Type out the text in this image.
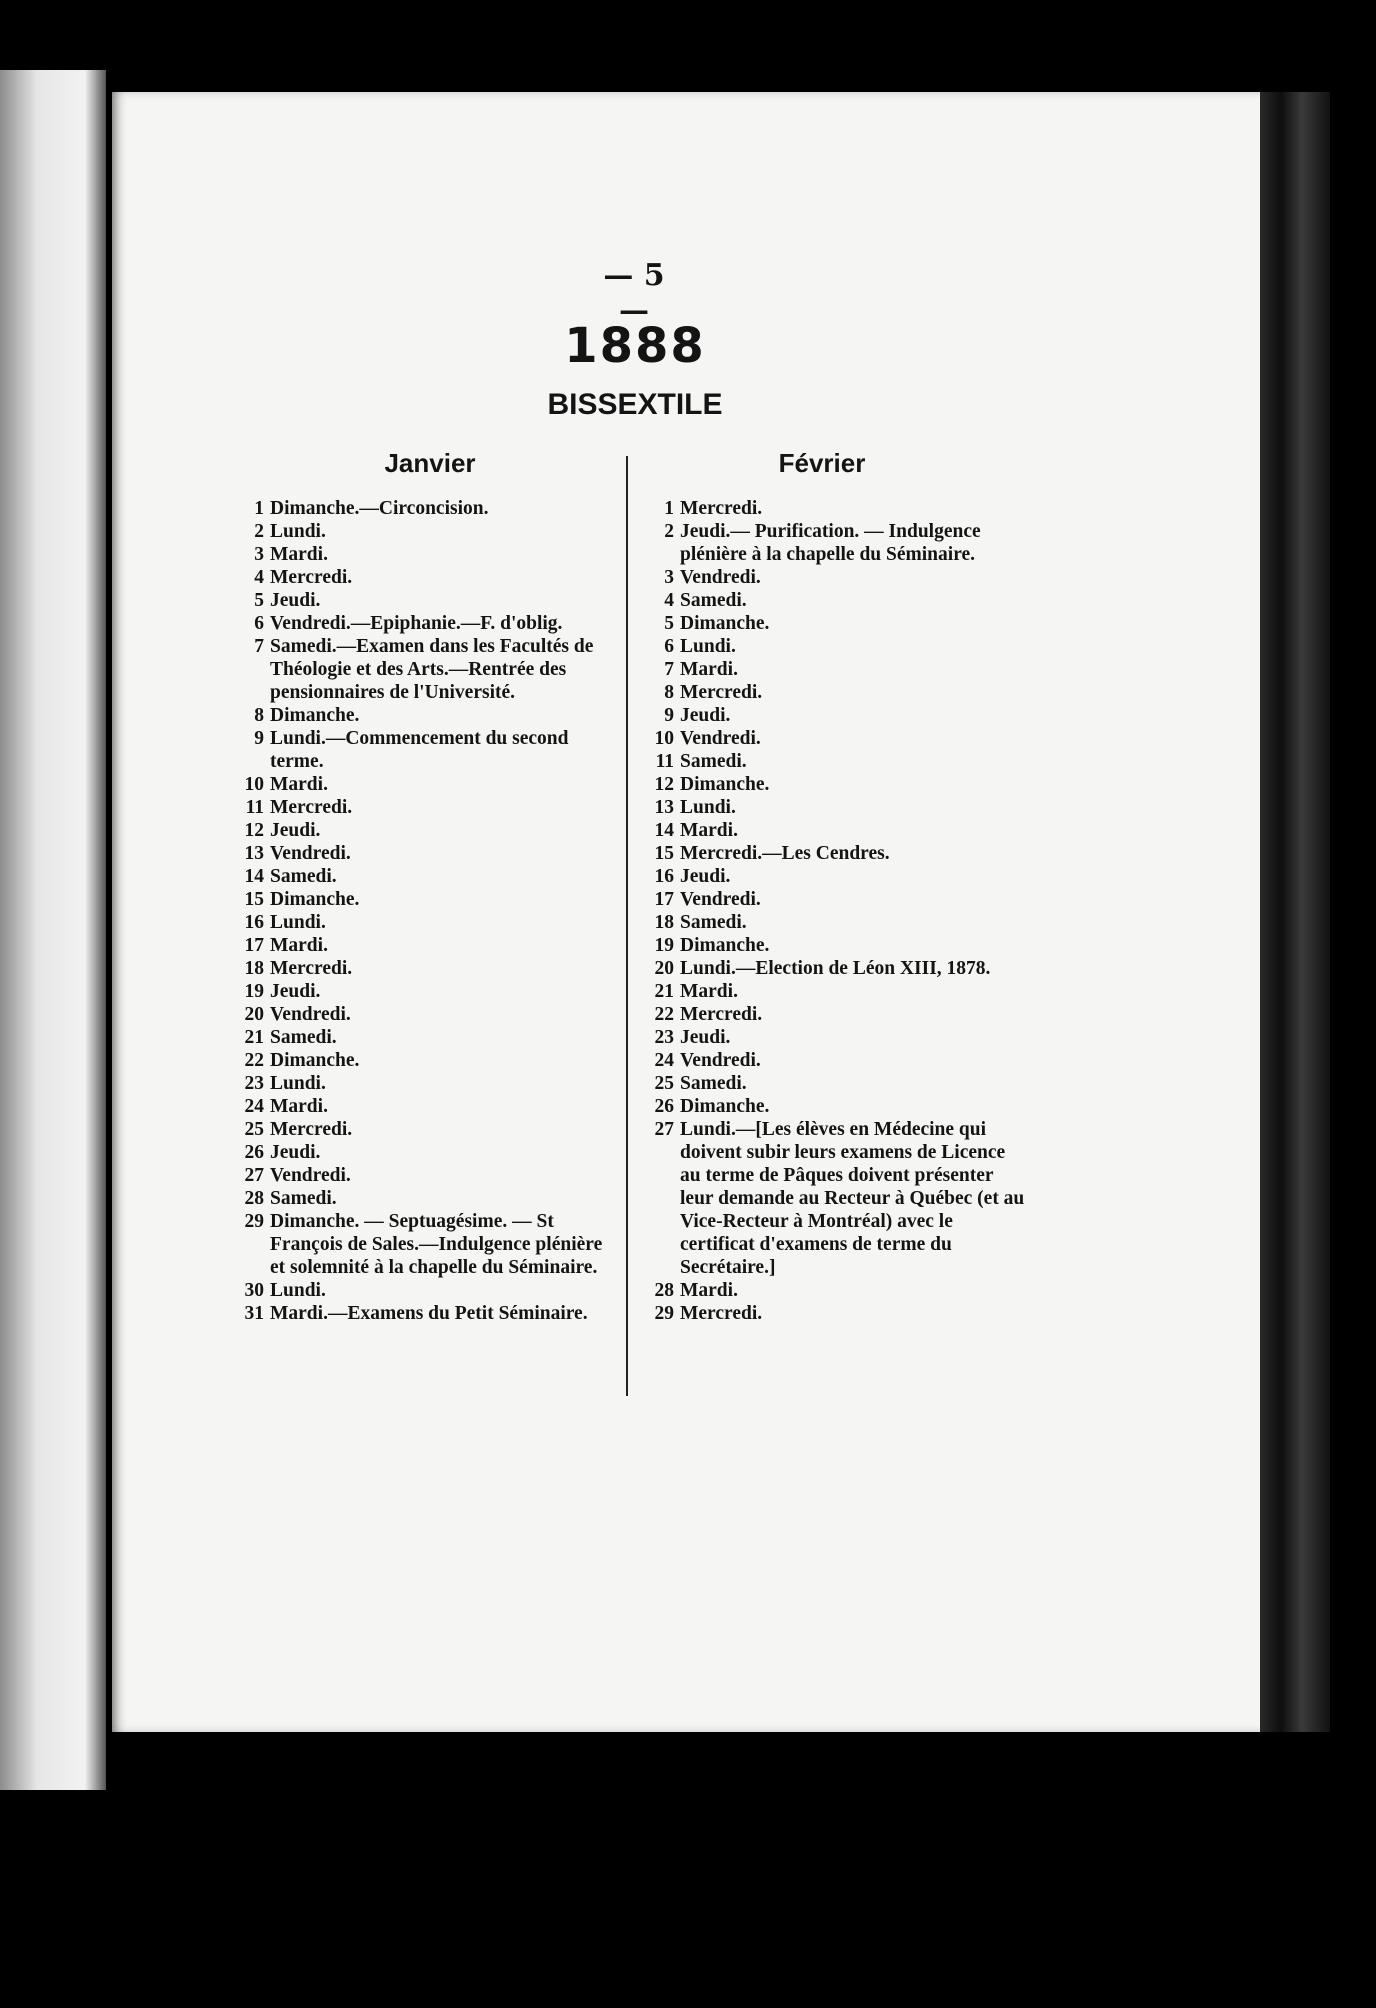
— 5 —
1888
BISSEXTILE
Janvier	Février
1 Dimanche.—Circoncision.
2 Lundi.
3 Mardi.
4 Mercredi.
5 Jeudi.
6 Vendredi.—Epiphanie.—F. d'oblig.
7 Samedi.—Examen dans les Facultés de Théologie et des Arts.—Rentrée des pensionnaires de l'Université.
8 Dimanche.
9 Lundi.—Commencement du second terme.
10 Mardi.
11 Mercredi.
12 Jeudi.
13 Vendredi.
14 Samedi.
15 Dimanche.
16 Lundi.
17 Mardi.
18 Mercredi.
19 Jeudi.
20 Vendredi.
21 Samedi.
22 Dimanche.
23 Lundi.
24 Mardi.
25 Mercredi.
26 Jeudi.
27 Vendredi.
28 Samedi.
29 Dimanche. — Septuagésime. — St François de Sales.—Indulgence plénière et solemnité à la chapelle du Séminaire.
30 Lundi.
31 Mardi.—Examens du Petit Séminaire.
1 Mercredi.
2 Jeudi.— Purification. — Indulgence plénière à la chapelle du Séminaire.
3 Vendredi.
4 Samedi.
5 Dimanche.
6 Lundi.
7 Mardi.
8 Mercredi.
9 Jeudi.
10 Vendredi.
11 Samedi.
12 Dimanche.
13 Lundi.
14 Mardi.
15 Mercredi.—Les Cendres.
16 Jeudi.
17 Vendredi.
18 Samedi.
19 Dimanche.
20 Lundi.—Election de Léon XIII, 1878.
21 Mardi.
22 Mercredi.
23 Jeudi.
24 Vendredi.
25 Samedi.
26 Dimanche.
27 Lundi.—[Les élèves en Médecine qui doivent subir leurs examens de Licence au terme de Pâques doivent présenter leur demande au Recteur à Québec (et au Vice-Recteur à Montréal) avec le certificat d'examens de terme du Secrétaire.]
28 Mardi.
29 Mercredi.
